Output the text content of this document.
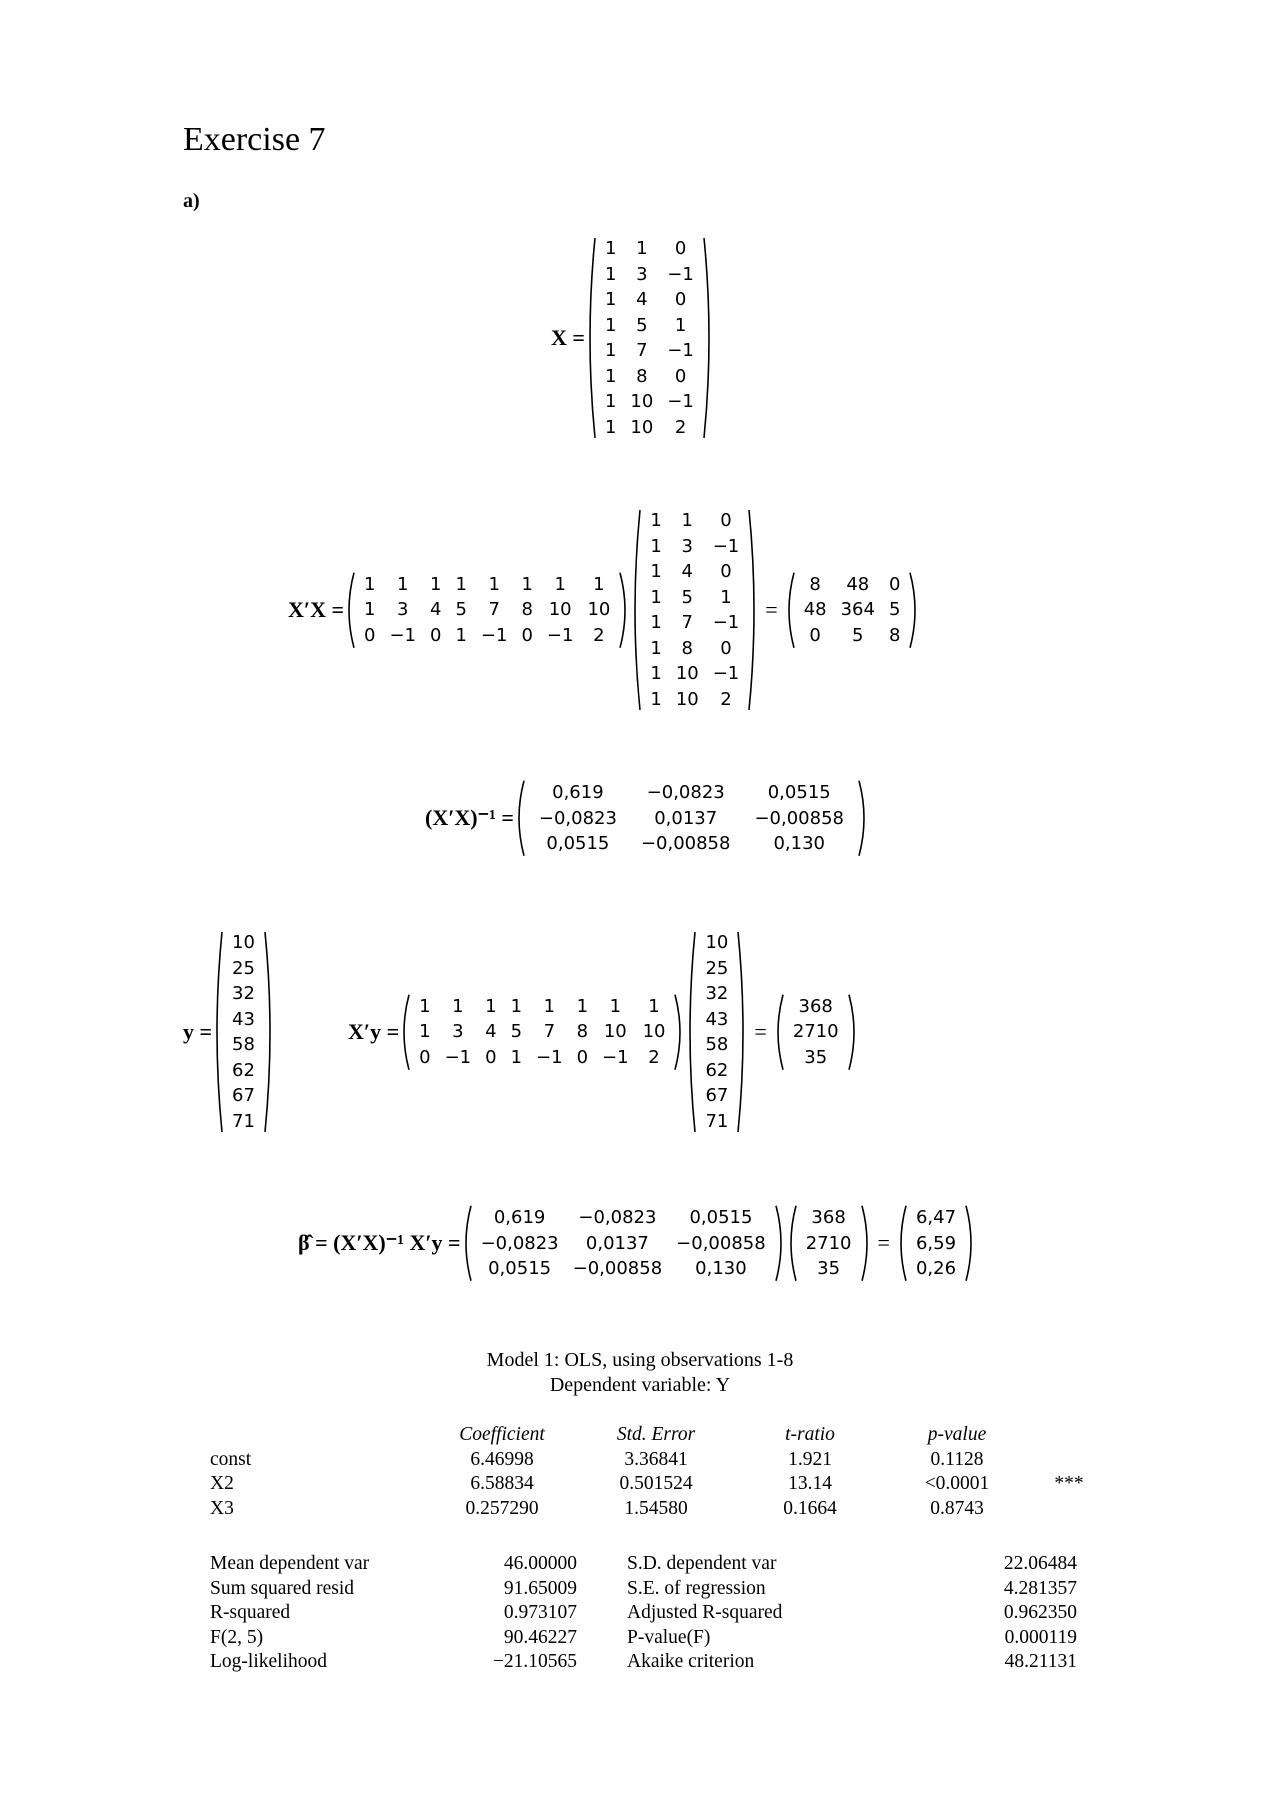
Exercise 7
a)
X =
1	1	0
1	3	−1
1	4	0
1	5	1
1	7	−1
1	8	0
1 10 −1
1 10	2
X′X =
1	1	1 1	1	1	1	1
1	3	4 5	7	8 10 10
0 −1 0 1 −1 0 −1	2
1	1	0
1	3	−1
1	4	0
1	5	1
1	7	−1
1	8	0
1 10 −1
1 10	2
=
8	48	0
48 364 5
0	5	8
(X′X)⁻¹ =
0,619	−0,0823	0,0515
−0,0823	0,0137	−0,00858
0,0515	−0,00858	0,130
y =
10
25
32
43
58
62
67
71
X′y =
1	1	1 1	1	1	1	1
1	3	4 5	7	8 10 10
0 −1 0 1 −1 0 −1	2
10
25
32
43
58
62
67
71
=
368
2710
35
β̂ = (X′X)⁻¹ X′y =
0,619	−0,0823	0,0515
−0,0823	0,0137	−0,00858
0,0515	−0,00858	0,130
368
2710
35
=
6,47
6,59
0,26
Model 1: OLS, using observations 1-8
Dependent variable: Y
	Coefficient	Std. Error	t-ratio	p-value	
const	6.46998	3.36841	1.921	0.1128	
X2	6.58834	0.501524	13.14	<0.0001	***
X3	0.257290	1.54580	0.1664	0.8743	
Mean dependent var	46.00000		S.D. dependent var	22.06484
Sum squared resid	91.65009		S.E. of regression	4.281357
R-squared	0.973107		Adjusted R-squared	0.962350
F(2, 5)	90.46227		P-value(F)	0.000119
Log-likelihood	−21.10565		Akaike criterion	48.21131
